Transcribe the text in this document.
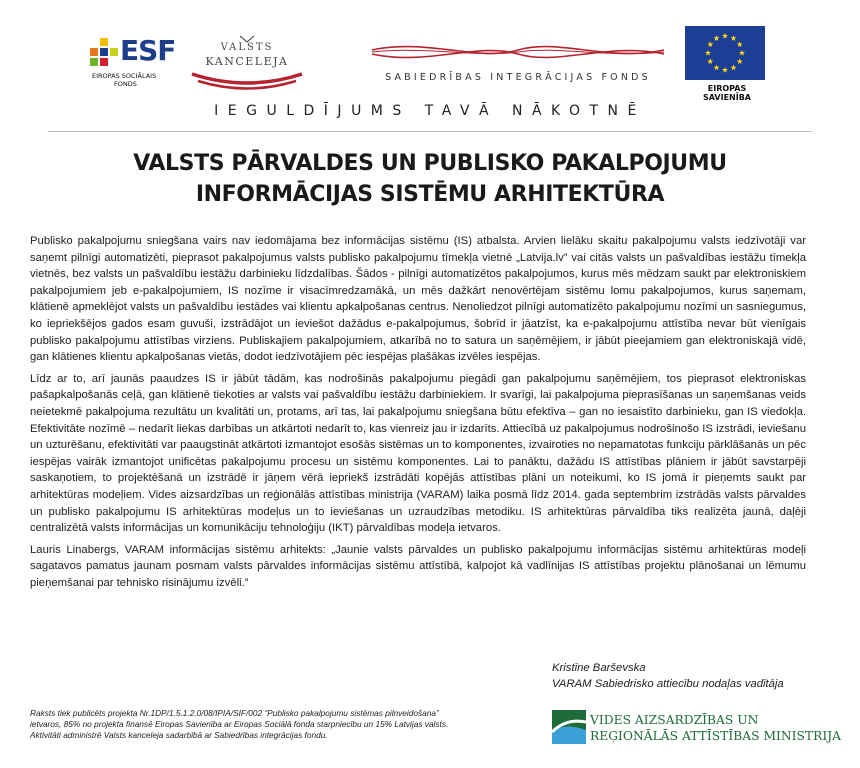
ESF
EIROPAS SOCIĀLAIS
FONDS
VALSTS
KANCELEJA
SABIEDRĪBAS INTEGRĀCIJAS FONDS
EIROPAS SAVIENĪBA
IEGULDĪJUMS TAVĀ NĀKOTNĒ
VALSTS PĀRVALDES UN PUBLISKO PAKALPOJUMU
INFORMĀCIJAS SISTĒMU ARHITEKTŪRA

Publisko pakalpojumu sniegšana vairs nav iedomājama bez informācijas sistēmu (IS) atbalsta. Arvien lielāku skaitu pakalpojumu valsts iedzīvotāji var saņemt pilnīgi automatizēti, pieprasot pakalpojumus valsts publisko pakalpojumu tīmekļa vietnē „Latvija.lv” vai citās valsts un pašvaldības iestāžu tīmekļa vietnēs, bez valsts un pašvaldību iestāžu darbinieku līdzdalības. Šādos - pilnīgi automatizētos pakalpojumos, kurus mēs mēdzam saukt par elektroniskiem pakalpojumiem jeb e-pakalpojumiem, IS nozīme ir visacīmredzamākā, un mēs dažkārt nenovērtējam sistēmu lomu pakalpojumos, kurus saņemam, klātienē apmeklējot valsts un pašvaldību iestādes vai klientu apkalpošanas centrus. Nenoliedzot pilnīgi automatizēto pakalpojumu nozīmi un sasniegumus, ko iepriekšējos gados esam guvuši, izstrādājot un ieviešot dažādus e-pakalpojumus, šobrīd ir jāatzīst, ka e-pakalpojumu attīstība nevar būt vienīgais publisko pakalpojumu attīstības virziens. Publiskajiem pakalpojumiem, atkarībā no to satura un saņēmējiem, ir jābūt pieejamiem gan elektroniskajā vidē, gan klātienes klientu apkalpošanas vietās, dodot iedzīvotājiem pēc iespējas plašākas izvēles iespējas.

Līdz ar to, arī jaunās paaudzes IS ir jābūt tādām, kas nodrošinās pakalpojumu piegādi gan pakalpojumu saņēmējiem, tos pieprasot elektroniskas pašapkalpošanās ceļā, gan klātienē tiekoties ar valsts vai pašvaldību iestāžu darbiniekiem. Ir svarīgi, lai pakalpojuma pieprasīšanas un saņemšanas veids neietekmē pakalpojuma rezultātu un kvalitāti un, protams, arī tas, lai pakalpojumu sniegšana būtu efektīva – gan no iesaistīto darbinieku, gan IS viedokļa. Efektivitāte nozīmē – nedarīt liekas darbības un atkārtoti nedarīt to, kas vienreiz jau ir izdarīts. Attiecībā uz pakalpojumus nodrošinošo IS izstrādi, ieviešanu un uzturēšanu, efektivitāti var paaugstināt atkārtoti izmantojot esošās sistēmas un to komponentes, izvairoties no nepamatotas funkciju pārklāšanās un pēc iespējas vairāk izmantojot unificētas pakalpojumu procesu un sistēmu komponentes. Lai to panāktu, dažādu IS attīstības plāniem ir jābūt savstarpēji saskaņotiem, to projektēšanā un izstrādē ir jāņem vērā iepriekš izstrādāti kopējās attīstības plāni un noteikumi, ko IS jomā ir pieņemts saukt par arhitektūras modeļiem. Vides aizsardzības un reģionālās attīstības ministrija (VARAM) laika posmā līdz 2014. gada septembrim izstrādās valsts pārvaldes un publisko pakalpojumu IS arhitektūras modeļus un to ieviešanas un uzraudzības metodiku. IS arhitektūras pārvaldība tiks realizēta jaunā, daļēji centralizētā valsts informācijas un komunikāciju tehnoloģiju (IKT) pārvaldības modeļa ietvaros.

Lauris Linabergs, VARAM informācijas sistēmu arhitekts: „Jaunie valsts pārvaldes un publisko pakalpojumu informācijas sistēmu arhitektūras modeļi sagatavos pamatus jaunam posmam valsts pārvaldes informācijas sistēmu attīstībā, kalpojot kā vadlīnijas IS attīstības projektu plānošanai un lēmumu pieņemšanai par tehnisko risinājumu izvēli.”

Kristīne Barševska
VARAM Sabiedrisko attiecību nodaļas vadītāja
Raksts tiek publicēts projekta Nr.1DP/1.5.1.2.0/08/IPIA/SIF/002 “Publisko pakalpojumu sistēmas pilnveidošana”
ietvaros, 85% no projekta finansē Eiropas Savienība ar Eiropas Sociālā fonda starpniecību un 15% Latvijas valsts.
Aktivitāti administrē Valsts kanceleja sadarbībā ar Sabiedrības integrācijas fondu.
VIDES AIZSARDZĪBAS UN
REĢIONĀLĀS ATTĪSTĪBAS MINISTRIJA
